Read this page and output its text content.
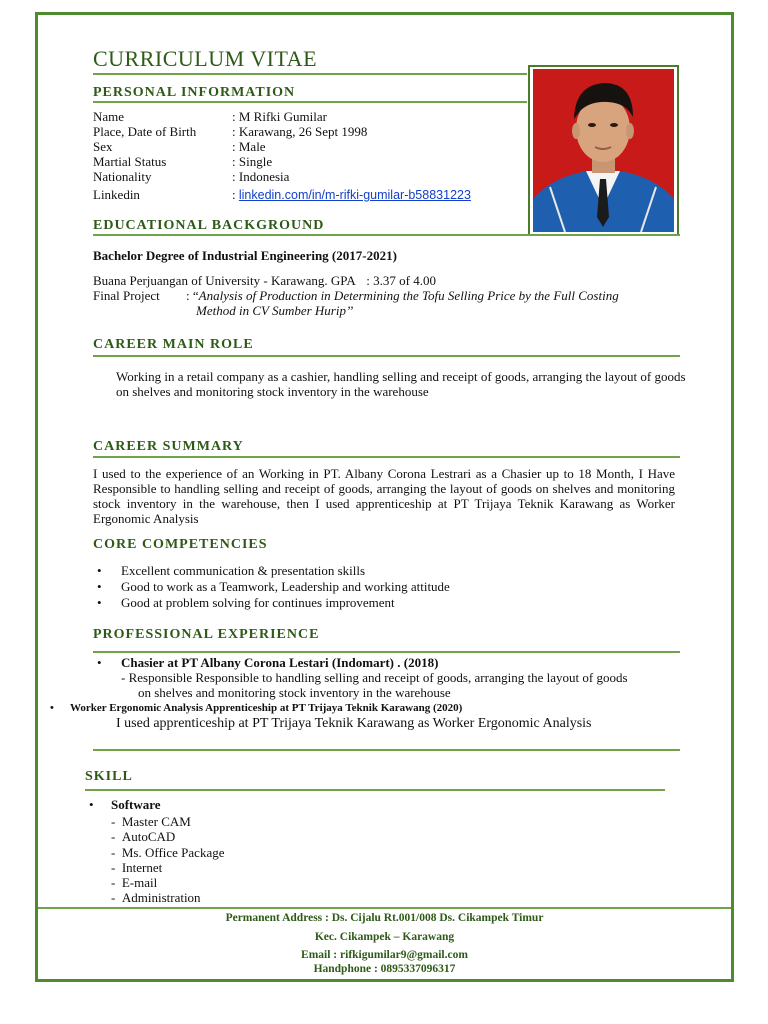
CURRICULUM VITAE
PERSONAL INFORMATION
Name	: M Rifki Gumilar
Place, Date of Birth	: Karawang, 26 Sept 1998
Sex	: Male
Martial Status	: Single
Nationality	: Indonesia
Linkedin	: linkedin.com/in/m-rifki-gumilar-b58831223
EDUCATIONAL BACKGROUND
Bachelor Degree of Industrial Engineering (2017-2021)
Buana Perjuangan of University - Karawang. GPA : 3.37 of 4.00
Final Project : “Analysis of Production in Determining the Tofu Selling Price by the Full Costing
Method in CV Sumber Hurip’’
CAREER MAIN ROLE
Working in a retail company as a cashier, handling selling and receipt of goods, arranging the layout of goods on shelves and monitoring stock inventory in the warehouse
CAREER SUMMARY
I used to the experience of an Working in PT. Albany Corona Lestrari as a Chasier up to 18 Month, I Have Responsible to handling selling and receipt of goods, arranging the layout of goods on shelves and monitoring stock inventory in the warehouse, then I used apprenticeship at PT Trijaya Teknik Karawang as Worker Ergonomic Analysis
CORE COMPETENCIES
• Excellent communication & presentation skills
• Good to work as a Teamwork, Leadership and working attitude
• Good at problem solving for continues improvement
PROFESSIONAL EXPERIENCE
• Chasier at PT Albany Corona Lestari (Indomart) . (2018)
- Responsible Responsible to handling selling and receipt of goods, arranging the layout of goods
on shelves and monitoring stock inventory in the warehouse
• Worker Ergonomic Analysis Apprenticeship at PT Trijaya Teknik Karawang (2020)
I used apprenticeship at PT Trijaya Teknik Karawang as Worker Ergonomic Analysis
SKILL
• Software
- Master CAM
- AutoCAD
- Ms. Office Package
- Internet
- E-mail
- Administration
Permanent Address : Ds. Cijalu Rt.001/008 Ds. Cikampek Timur
Kec. Cikampek – Karawang
Email : rifkigumilar9@gmail.com
Handphone : 0895337096317
